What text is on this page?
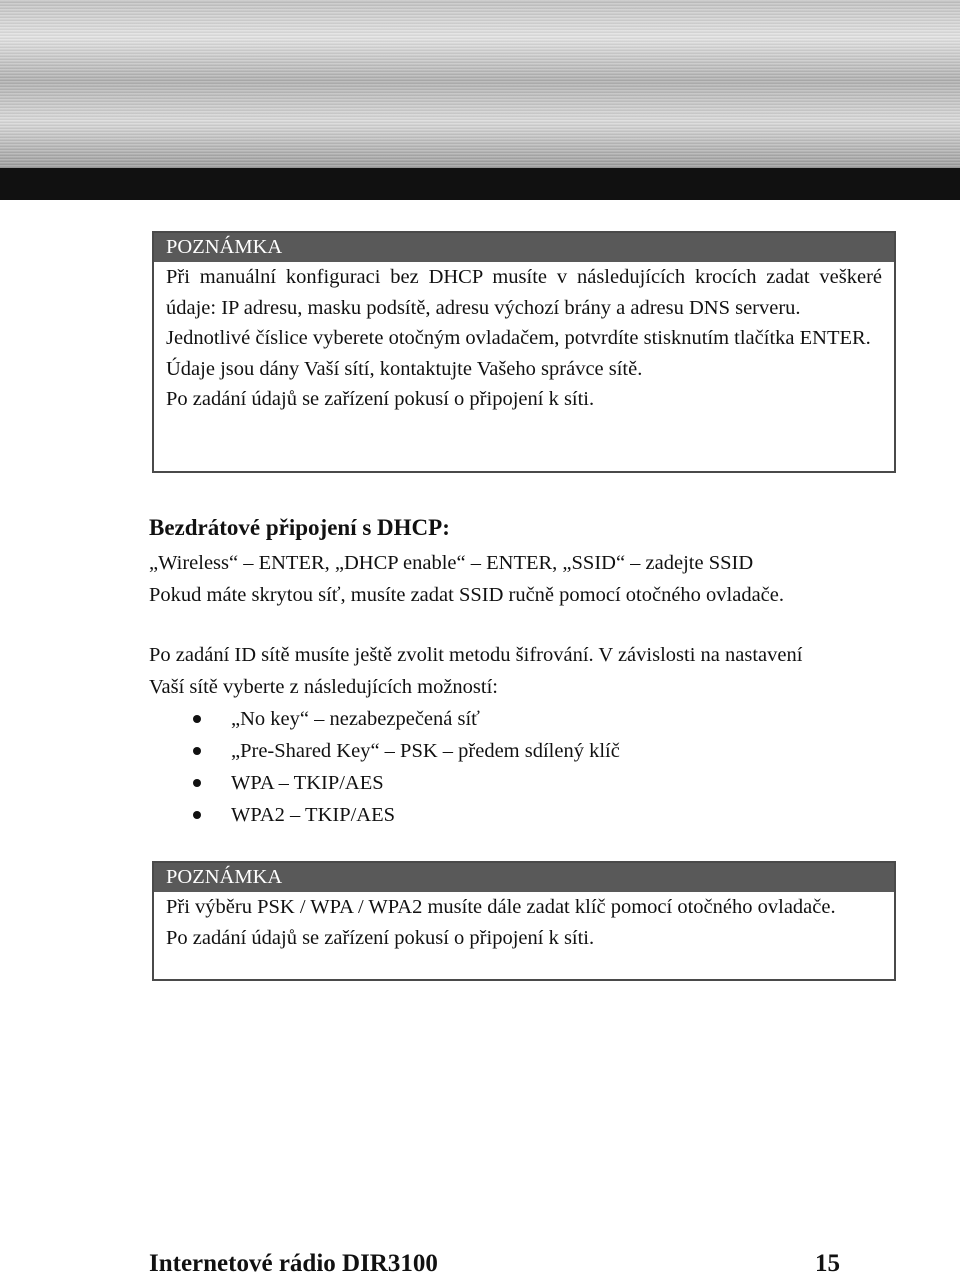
POZNÁMKA
Při manuální konfiguraci bez DHCP musíte v následujících krocích zadat veškeré údaje: IP adresu, masku podsítě, adresu výchozí brány a adresu DNS serveru.
Jednotlivé číslice vyberete otočným ovladačem, potvrdíte stisknutím tlačítka ENTER.
Údaje jsou dány Vaší sítí, kontaktujte Vašeho správce sítě.
Po zadání údajů se zařízení pokusí o připojení k síti.
Bezdrátové připojení s DHCP:
„Wireless“ – ENTER, „DHCP enable“ – ENTER, „SSID“ – zadejte SSID
Pokud máte skrytou síť, musíte zadat SSID ručně pomocí otočného ovladače.
Po zadání ID sítě musíte ještě zvolit metodu šifrování. V závislosti na nastavení
Vaší sítě vyberte z následujících možností:
„No key“ – nezabezpečená síť
„Pre-Shared Key“ – PSK – předem sdílený klíč
WPA – TKIP/AES
WPA2 – TKIP/AES
POZNÁMKA
Při výběru PSK / WPA / WPA2 musíte dále zadat klíč pomocí otočného ovladače.
Po zadání údajů se zařízení pokusí o připojení k síti.
Internetové rádio DIR3100	15
